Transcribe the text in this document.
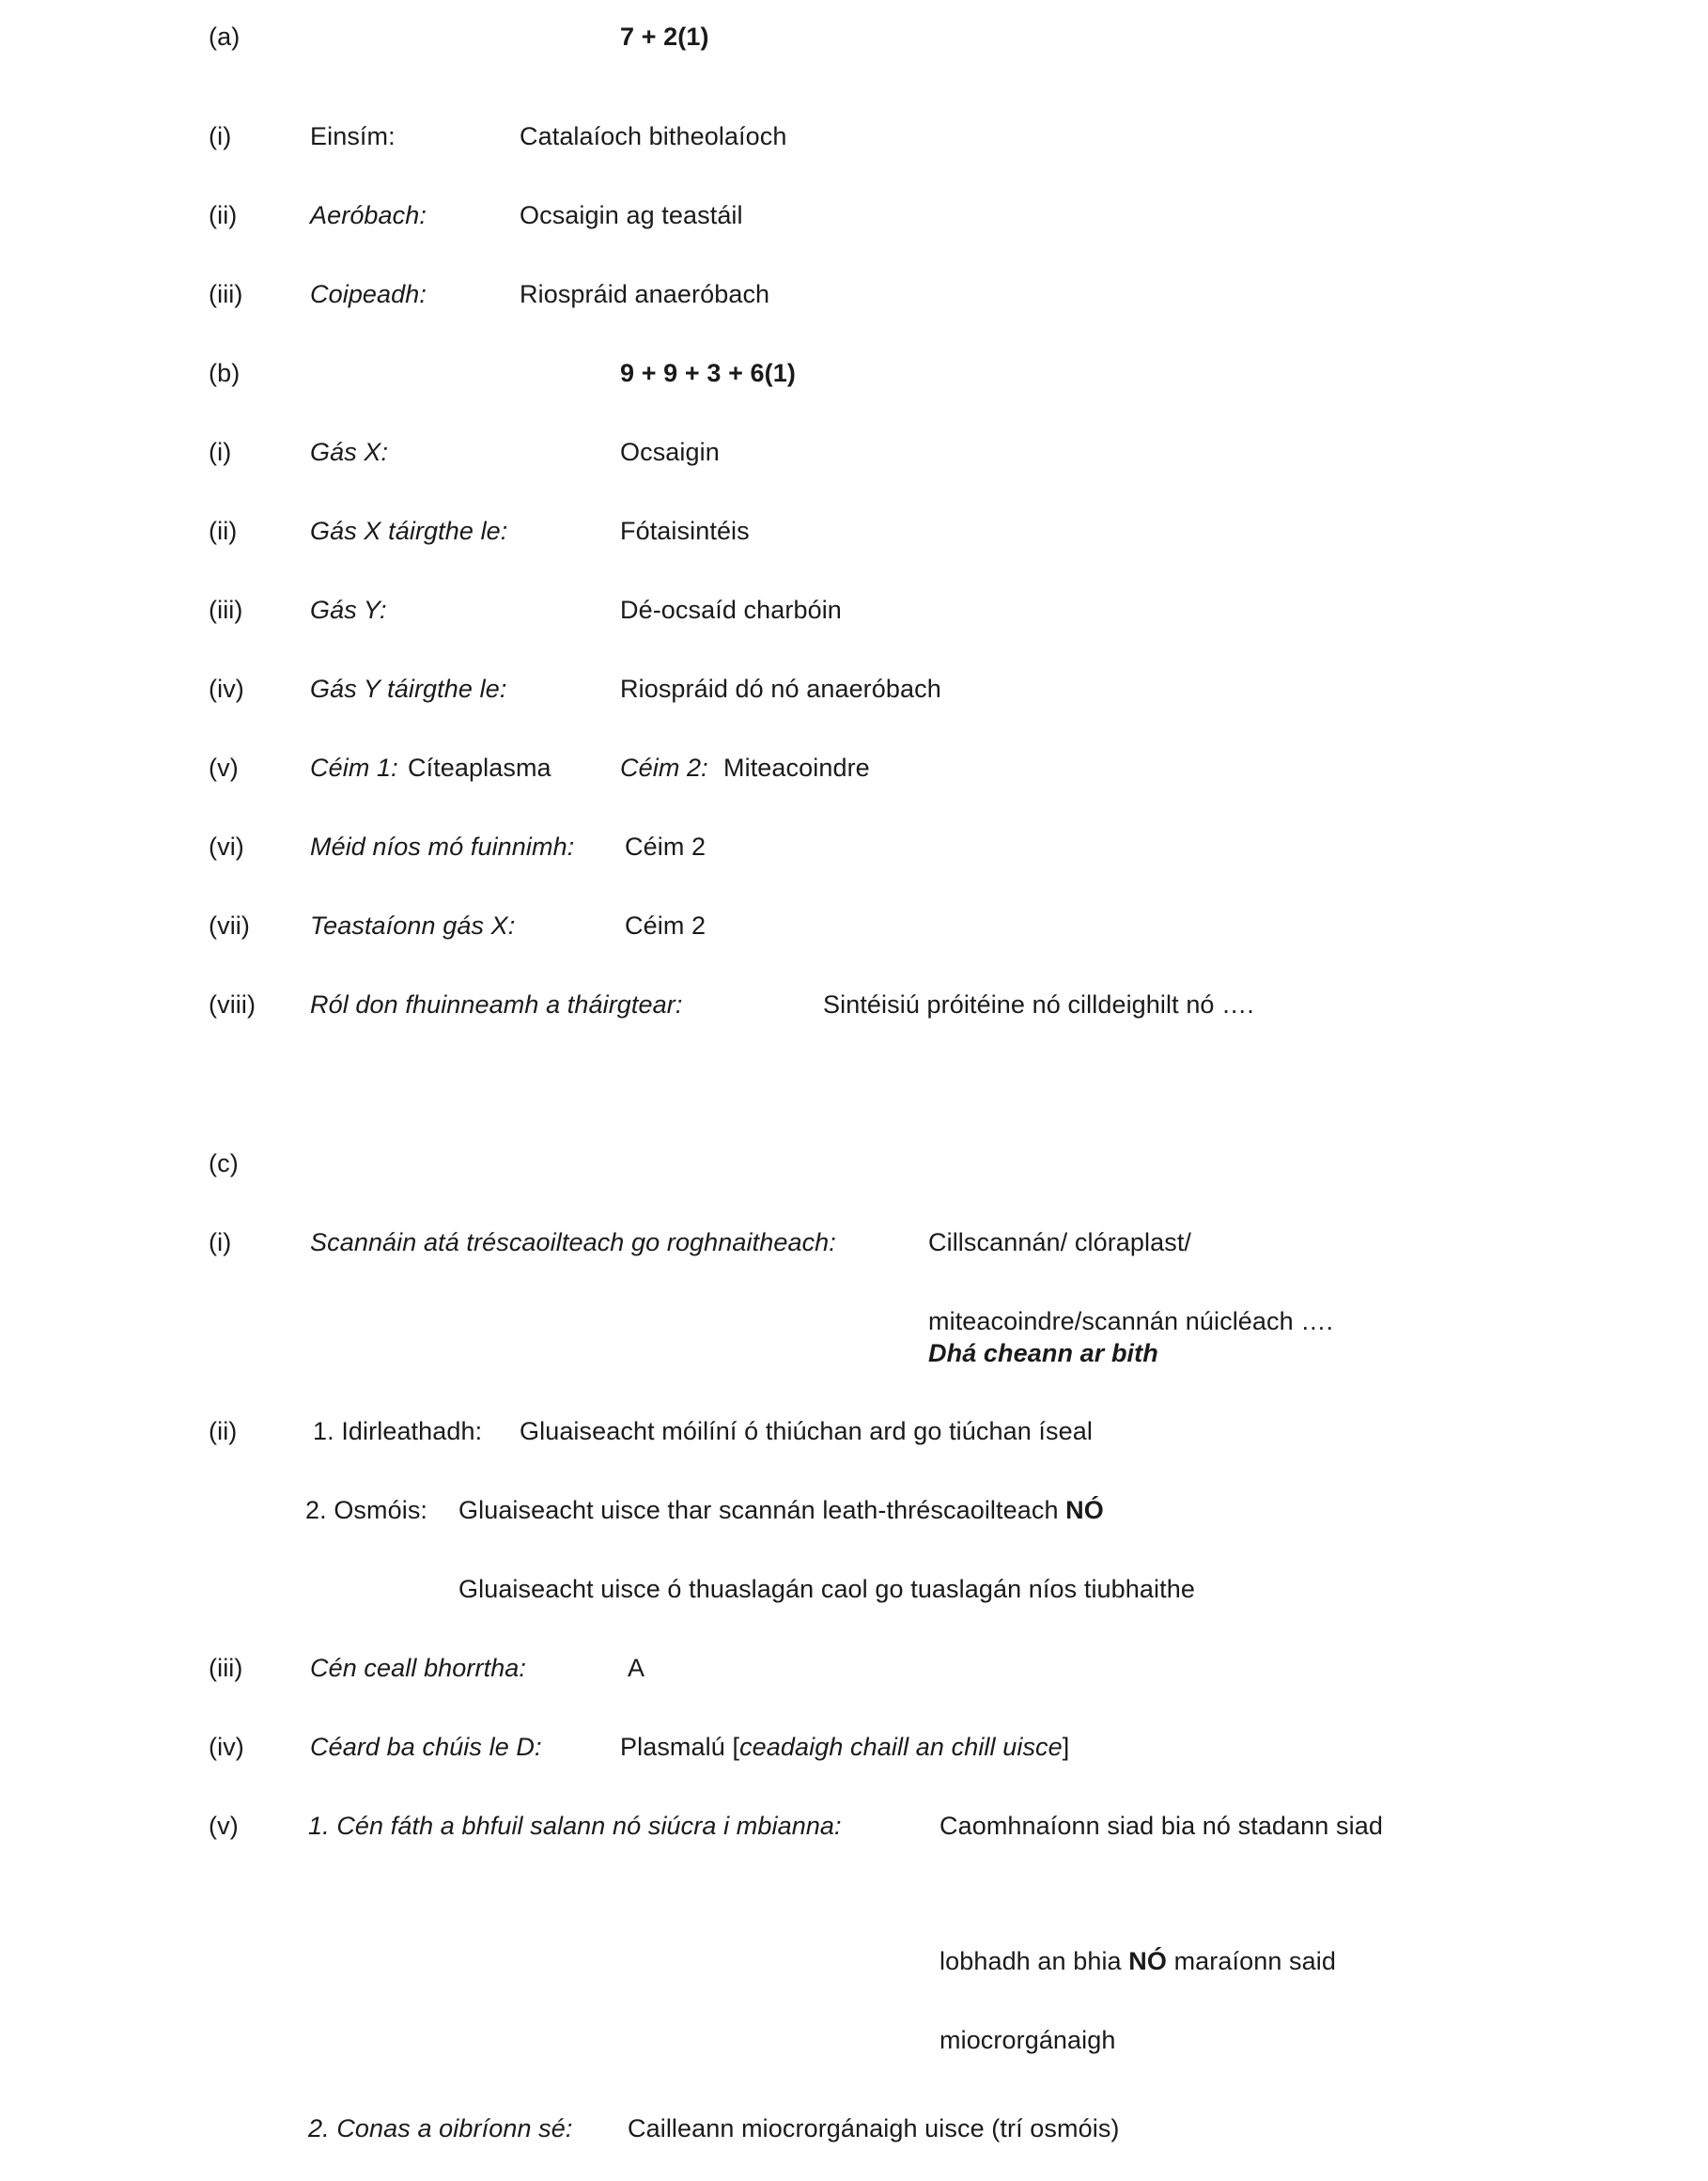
(a)	7 + 2(1)
(i)	Einsím:	Catalaíoch bitheolaíoch
(ii)	Aeróbach:	Ocsaigin ag teastáil
(iii)	Coipeadh:	Riospráid anaeróbach
(b)	9 + 9 + 3 + 6(1)
(i)	Gás X:	Ocsaigin
(ii)	Gás X táirgthe le:	Fótaisintéis
(iii)	Gás Y:	Dé-ocsaíd charbóin
(iv)	Gás Y táirgthe le:	Riospráid dó nó anaeróbach
(v)	Céim 1: Cíteaplasma	Céim 2: Miteacoindre
(vi)	Méid níos mó fuinnimh: Céim 2
(vii) Teastaíonn gás X:	Céim 2
(viii) Ról don fhuinneamh a tháirgtear:	Sintéisiú próitéine nó cilldeighilt nó ….
(c)
(i)	Scannáin atá tréscaoilteach go roghnaitheach:	Cillscannán/ clóraplast/
miteacoindre/scannán núicléach ….
Dhá cheann ar bith
(ii)	1. Idirleathadh: Gluaiseacht móilíní ó thiúchan ard go tiúchan íseal
2. Osmóis: Gluaiseacht uisce thar scannán leath-thréscaoilteach NÓ
Gluaiseacht uisce ó thuaslagán caol go tuaslagán níos tiubhaithe
(iii)	Cén ceall bhorrtha:	A
(iv)	Céard ba chúis le D:	Plasmalú [ceadaigh chaill an chill uisce]
(v)	1. Cén fáth a bhfuil salann nó siúcra i mbianna:	Caomhnaíonn siad bia nó stadann siad
lobhadh an bhia NÓ maraíonn said
miocrorgánaigh
2. Conas a oibríonn sé: Cailleann miocrorgánaigh uisce (trí osmóis)
